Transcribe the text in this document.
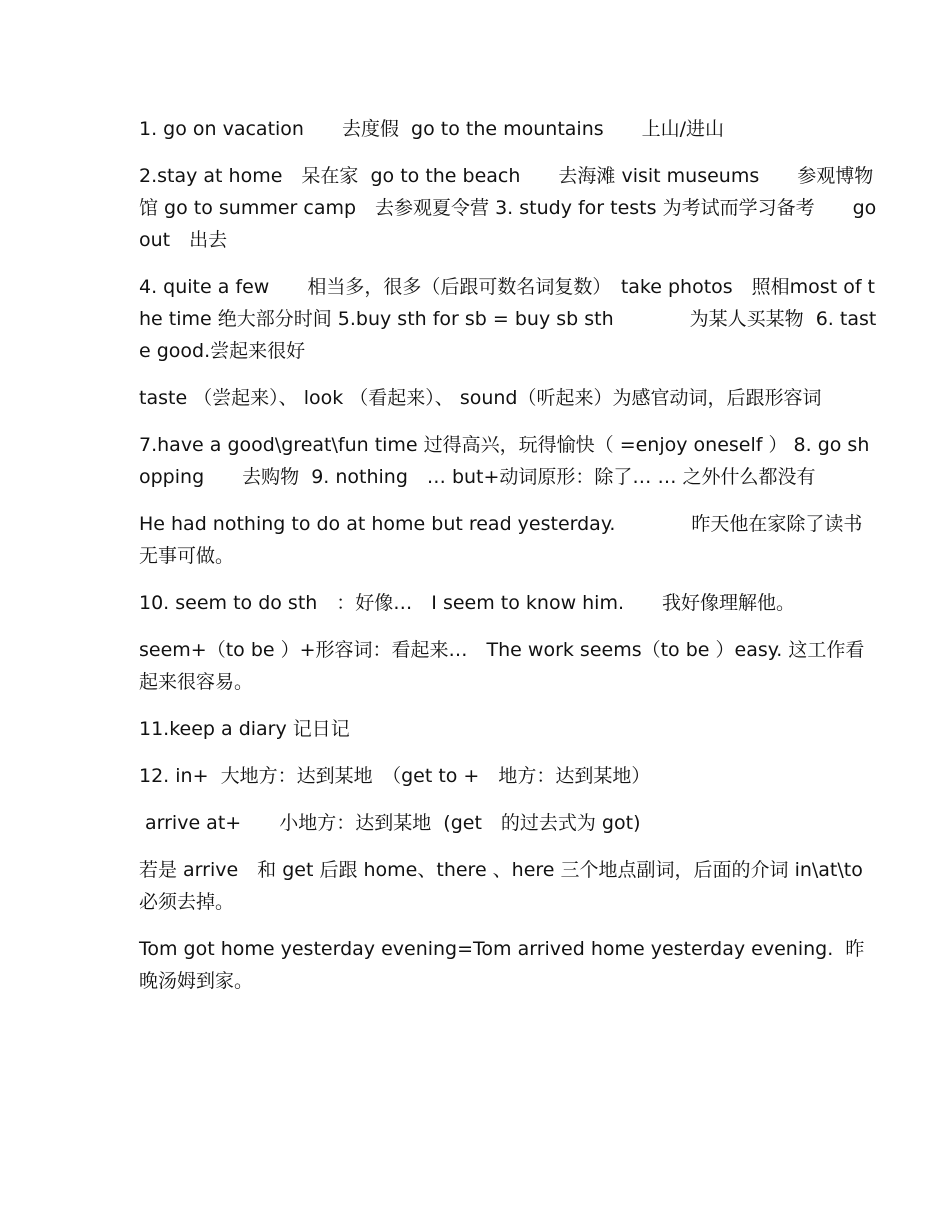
1. go on vacation　　去度假  go to the mountains　　上山/进山

2.stay at home　呆在家  go to the beach　　去海滩 visit museums　　参观博物馆 go to summer camp　去参观夏令营 3. study for tests 为考试而学习备考　　go out　出去

4. quite a few　　相当多，很多（后跟可数名词复数）　take photos　照相most of the time 绝大部分时间 5.buy sth for sb = buy sb sth　　　　为某人买某物  6. taste good.尝起来很好

taste （尝起来）、 look （看起来）、 sound（听起来）为感官动词，后跟形容词

7.have a good\great\fun time 过得高兴，玩得愉快（ =enjoy oneself ） 8. go shopping　　去购物  9. nothing　… but+动词原形：除了… … 之外什么都没有

He had nothing to do at home but read yesterday.　　　　昨天他在家除了读书无事可做。

10. seem to do sth　：好像…　I seem to know him.　　我好像理解他。

seem+（to be ）+形容词：看起来…　The work seems（to be ）easy. 这工作看起来很容易。

11.keep a diary 记日记

12. in+  大地方：达到某地　（get to +　地方：达到某地）

arrive at+　　小地方：达到某地  (get　的过去式为 got)

若是 arrive　和 get 后跟 home、there 、here 三个地点副词，后面的介词 in\at\to　　必须去掉。

Tom got home yesterday evening=Tom arrived home yesterday evening.  昨晚汤姆到家。
